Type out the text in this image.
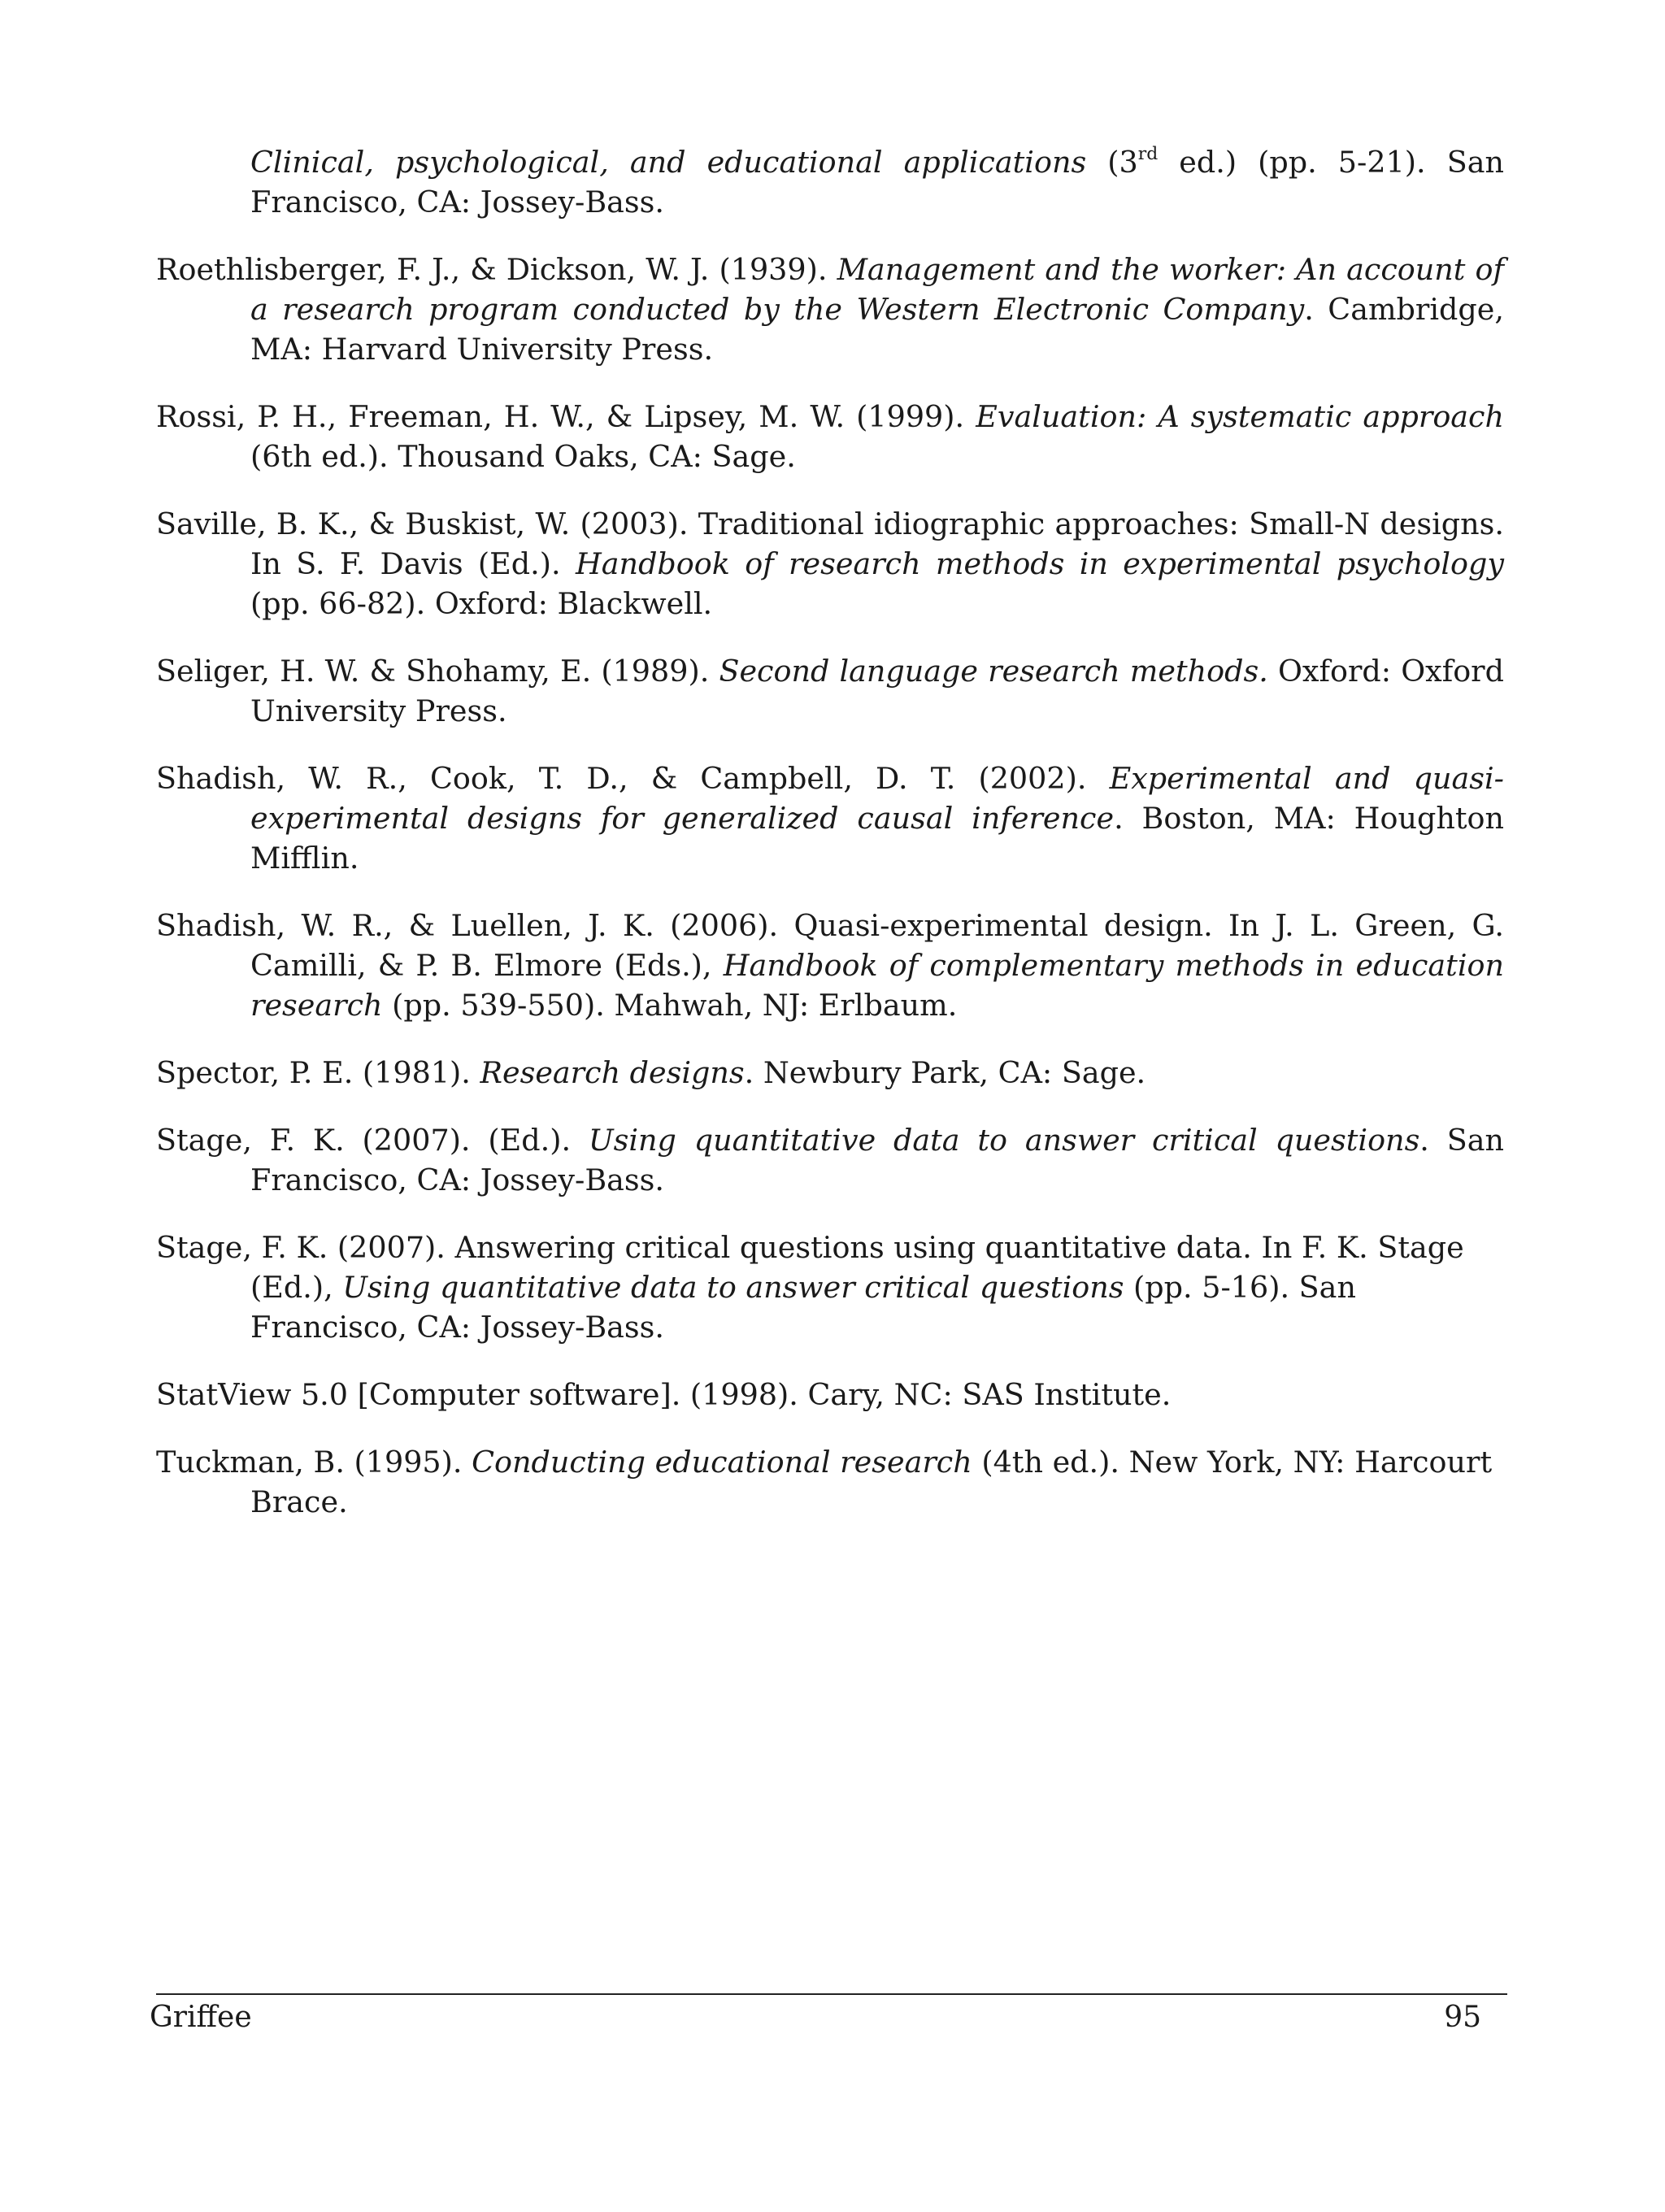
Clinical, psychological, and educational applications (3rd ed.) (pp. 5-21). San Francisco, CA: Jossey-Bass.

Roethlisberger, F. J., & Dickson, W. J. (1939). Management and the worker: An account of a research program conducted by the Western Electronic Company. Cambridge, MA: Harvard University Press.

Rossi, P. H., Freeman, H. W., & Lipsey, M. W. (1999). Evaluation: A systematic approach (6th ed.). Thousand Oaks, CA: Sage.

Saville, B. K., & Buskist, W. (2003). Traditional idiographic approaches: Small-N designs. In S. F. Davis (Ed.). Handbook of research methods in experimental psychology (pp. 66-82). Oxford: Blackwell.

Seliger, H. W. & Shohamy, E. (1989). Second language research methods. Oxford: Oxford University Press.

Shadish, W. R., Cook, T. D., & Campbell, D. T. (2002). Experimental and quasi-experimental designs for generalized causal inference. Boston, MA: Houghton Mifflin.

Shadish, W. R., & Luellen, J. K. (2006). Quasi-experimental design. In J. L. Green, G. Camilli, & P. B. Elmore (Eds.), Handbook of complementary methods in education research (pp. 539-550). Mahwah, NJ: Erlbaum.

Spector, P. E. (1981). Research designs. Newbury Park, CA: Sage.

Stage, F. K. (2007). (Ed.). Using quantitative data to answer critical questions. San Francisco, CA: Jossey-Bass.

Stage, F. K. (2007). Answering critical questions using quantitative data. In F. K. Stage (Ed.), Using quantitative data to answer critical questions (pp. 5-16). San Francisco, CA: Jossey-Bass.

StatView 5.0 [Computer software]. (1998). Cary, NC: SAS Institute.

Tuckman, B. (1995). Conducting educational research (4th ed.). New York, NY: Harcourt Brace.

Griffee	95
